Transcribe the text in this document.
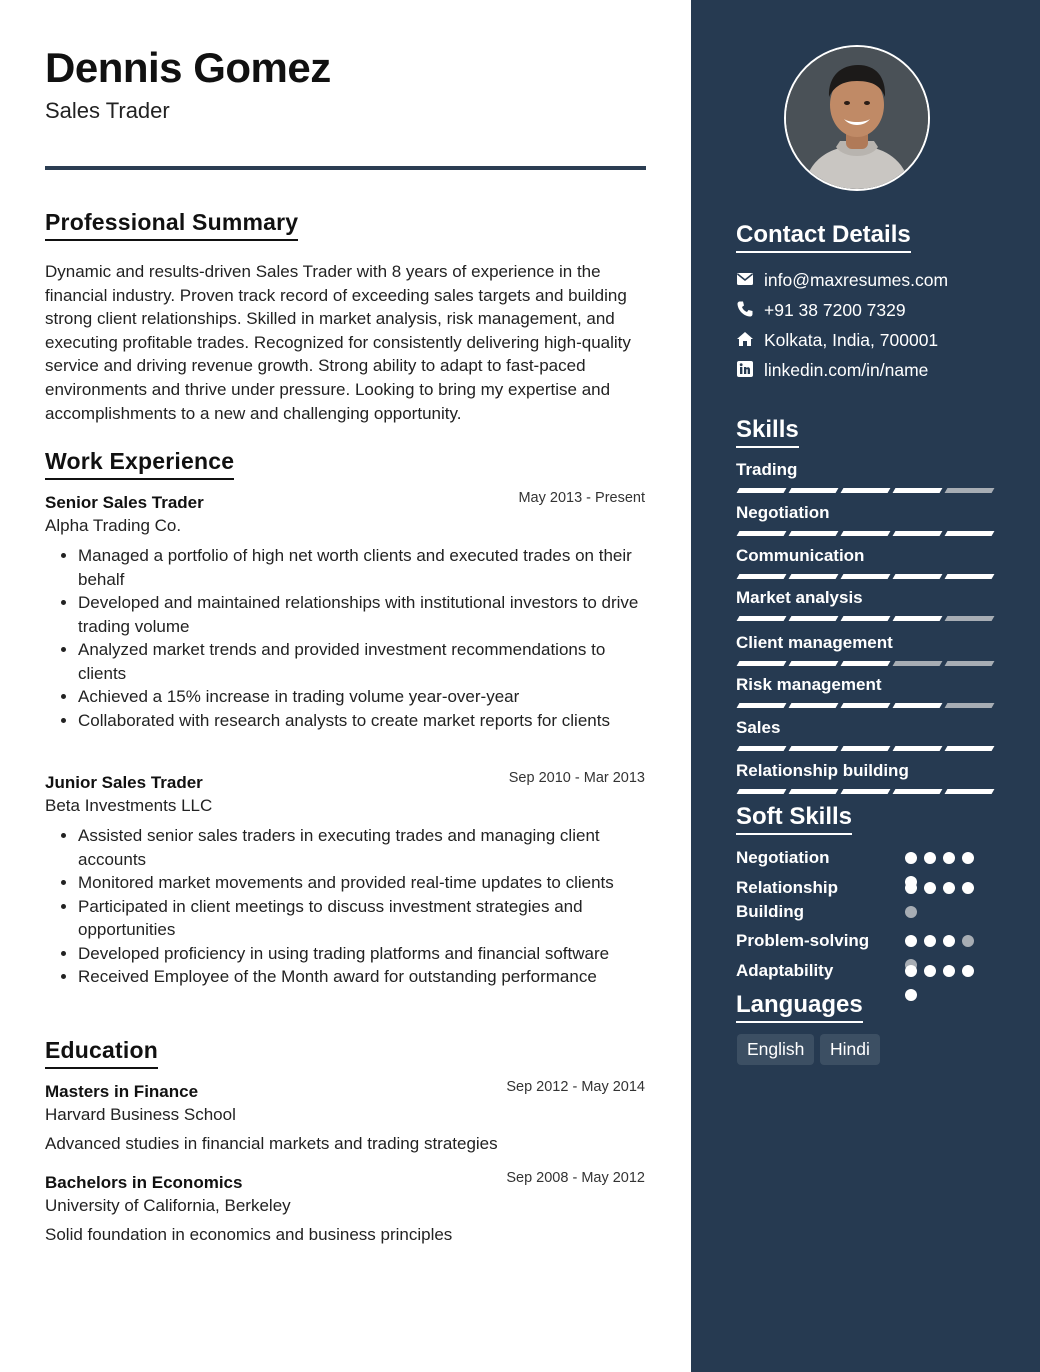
Dennis Gomez
Sales Trader
Professional Summary
Dynamic and results-driven Sales Trader with 8 years of experience in the financial industry. Proven track record of exceeding sales targets and building strong client relationships. Skilled in market analysis, risk management, and executing profitable trades. Recognized for consistently delivering high-quality service and driving revenue growth. Strong ability to adapt to fast-paced environments and thrive under pressure. Looking to bring my expertise and accomplishments to a new and challenging opportunity.
Work Experience
Senior Sales Trader	May 2013 - Present
Alpha Trading Co.
• Managed a portfolio of high net worth clients and executed trades on their behalf
• Developed and maintained relationships with institutional investors to drive trading volume
• Analyzed market trends and provided investment recommendations to clients
• Achieved a 15% increase in trading volume year-over-year
• Collaborated with research analysts to create market reports for clients
Junior Sales Trader	Sep 2010 - Mar 2013
Beta Investments LLC
• Assisted senior sales traders in executing trades and managing client accounts
• Monitored market movements and provided real-time updates to clients
• Participated in client meetings to discuss investment strategies and opportunities
• Developed proficiency in using trading platforms and financial software
• Received Employee of the Month award for outstanding performance
Education
Masters in Finance	Sep 2012 - May 2014
Harvard Business School
Advanced studies in financial markets and trading strategies
Bachelors in Economics	Sep 2008 - May 2012
University of California, Berkeley
Solid foundation in economics and business principles
Contact Details
info@maxresumes.com
+91 38 7200 7329
Kolkata, India, 700001
linkedin.com/in/name
Skills
Trading
Negotiation
Communication
Market analysis
Client management
Risk management
Sales
Relationship building
Soft Skills
Negotiation
Relationship Building
Problem-solving
Adaptability
Languages
English	Hindi
